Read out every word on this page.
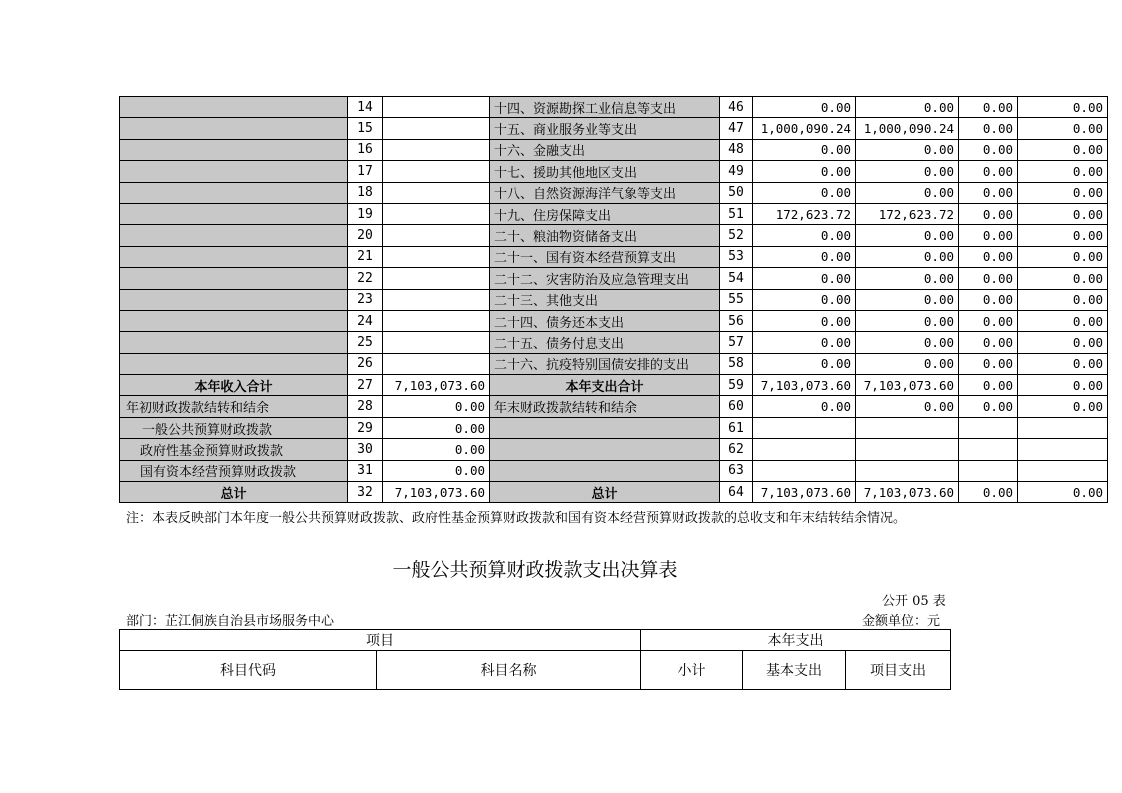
	14		十四、资源勘探工业信息等支出	46	0.00	0.00	0.00	0.00
	15		十五、商业服务业等支出	47	1,000,090.24	1,000,090.24	0.00	0.00
	16		十六、金融支出	48	0.00	0.00	0.00	0.00
	17		十七、援助其他地区支出	49	0.00	0.00	0.00	0.00
	18		十八、自然资源海洋气象等支出	50	0.00	0.00	0.00	0.00
	19		十九、住房保障支出	51	172,623.72	172,623.72	0.00	0.00
	20		二十、粮油物资储备支出	52	0.00	0.00	0.00	0.00
	21		二十一、国有资本经营预算支出	53	0.00	0.00	0.00	0.00
	22		二十二、灾害防治及应急管理支出	54	0.00	0.00	0.00	0.00
	23		二十三、其他支出	55	0.00	0.00	0.00	0.00
	24		二十四、债务还本支出	56	0.00	0.00	0.00	0.00
	25		二十五、债务付息支出	57	0.00	0.00	0.00	0.00
	26		二十六、抗疫特别国债安排的支出	58	0.00	0.00	0.00	0.00
本年收入合计	27	7,103,073.60	本年支出合计	59	7,103,073.60	7,103,073.60	0.00	0.00
年初财政拨款结转和结余	28	0.00	年末财政拨款结转和结余	60	0.00	0.00	0.00	0.00
一般公共预算财政拨款	29	0.00		61				
政府性基金预算财政拨款	30	0.00		62				
国有资本经营预算财政拨款	31	0.00		63				
总计	32	7,103,073.60	总计	64	7,103,073.60	7,103,073.60	0.00	0.00
注：本表反映部门本年度一般公共预算财政拨款、政府性基金预算财政拨款和国有资本经营预算财政拨款的总收支和年末结转结余情况。
一般公共预算财政拨款支出决算表
公开 05 表
部门：芷江侗族自治县市场服务中心	金额单位：元
项目		本年支出		
科目代码	科目名称	小计	基本支出	项目支出
